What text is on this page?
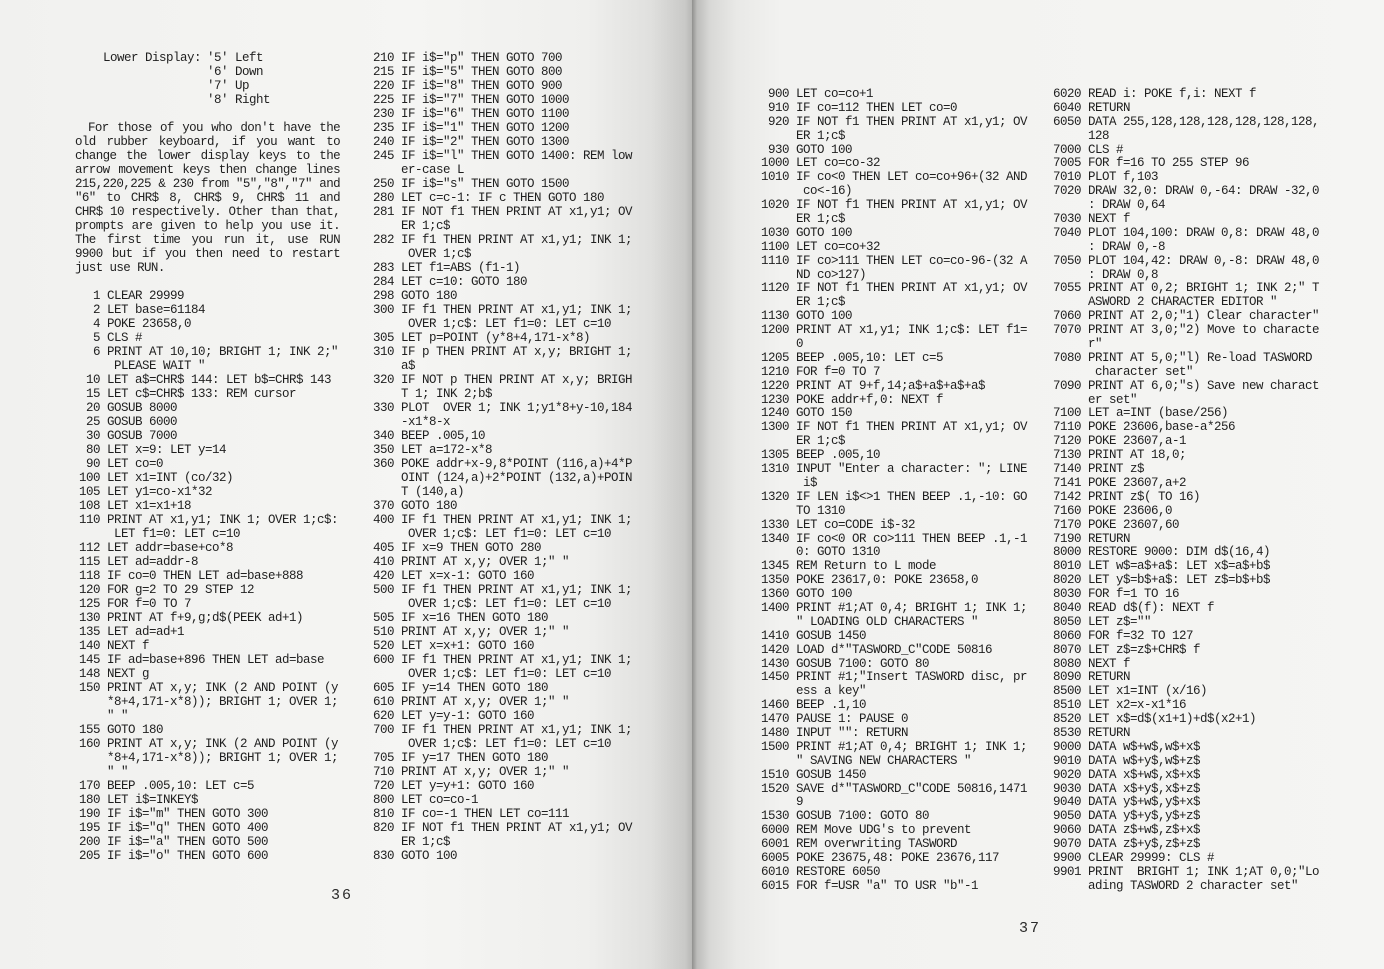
Lower Display: '5' Left
'6' Down
'7' Up
'8' Right
For those of you who don't have the
old rubber keyboard, if you want to
change the lower display keys to the
arrow movement keys then change lines
215,220,225 & 230 from "5","8","7" and
"6" to CHR$ 8, CHR$ 9, CHR$ 11 and
CHR$ 10 respectively. Other than that,
prompts are given to help you use it.
The first time you run it, use RUN
9900 but if you then need to restart
just use RUN.
1 CLEAR 29999
2 LET base=61184
4 POKE 23658,0
5 CLS #
6 PRINT AT 10,10; BRIGHT 1; INK 2;"
PLEASE WAIT "
10 LET a$=CHR$ 144: LET b$=CHR$ 143
15 LET c$=CHR$ 133: REM cursor
20 GOSUB 8000
25 GOSUB 6000
30 GOSUB 7000
80 LET x=9: LET y=14
90 LET co=0
100 LET x1=INT (co/32)
105 LET y1=co-x1*32
108 LET x1=x1+18
110 PRINT AT x1,y1; INK 1; OVER 1;c$:
LET f1=0: LET c=10
112 LET addr=base+co*8
115 LET ad=addr-8
118 IF co=0 THEN LET ad=base+888
120 FOR g=2 TO 29 STEP 12
125 FOR f=0 TO 7
130 PRINT AT f+9,g;d$(PEEK ad+1)
135 LET ad=ad+1
140 NEXT f
145 IF ad=base+896 THEN LET ad=base
148 NEXT g
150 PRINT AT x,y; INK (2 AND POINT (y
*8+4,171-x*8)); BRIGHT 1; OVER 1;
" "
155 GOTO 180
160 PRINT AT x,y; INK (2 AND POINT (y
*8+4,171-x*8)); BRIGHT 1; OVER 1;
" "
170 BEEP .005,10: LET c=5
180 LET i$=INKEY$
190 IF i$="m" THEN GOTO 300
195 IF i$="q" THEN GOTO 400
200 IF i$="a" THEN GOTO 500
205 IF i$="o" THEN GOTO 600
210 IF i$="p" THEN GOTO 700
215 IF i$="5" THEN GOTO 800
220 IF i$="8" THEN GOTO 900
225 IF i$="7" THEN GOTO 1000
230 IF i$="6" THEN GOTO 1100
235 IF i$="1" THEN GOTO 1200
240 IF i$="2" THEN GOTO 1300
245 IF i$="l" THEN GOTO 1400: REM low
er-case L
250 IF i$="s" THEN GOTO 1500
280 LET c=c-1: IF c THEN GOTO 180
281 IF NOT f1 THEN PRINT AT x1,y1; OV
ER 1;c$
282 IF f1 THEN PRINT AT x1,y1; INK 1;
OVER 1;c$
283 LET f1=ABS (f1-1)
284 LET c=10: GOTO 180
298 GOTO 180
300 IF f1 THEN PRINT AT x1,y1; INK 1;
OVER 1;c$: LET f1=0: LET c=10
305 LET p=POINT (y*8+4,171-x*8)
310 IF p THEN PRINT AT x,y; BRIGHT 1;
a$
320 IF NOT p THEN PRINT AT x,y; BRIGH
T 1; INK 2;b$
330 PLOT  OVER 1; INK 1;y1*8+y-10,184
-x1*8-x
340 BEEP .005,10
350 LET a=172-x*8
360 POKE addr+x-9,8*POINT (116,a)+4*P
OINT (124,a)+2*POINT (132,a)+POIN
T (140,a)
370 GOTO 180
400 IF f1 THEN PRINT AT x1,y1; INK 1;
OVER 1;c$: LET f1=0: LET c=10
405 IF x=9 THEN GOTO 280
410 PRINT AT x,y; OVER 1;" "
420 LET x=x-1: GOTO 160
500 IF f1 THEN PRINT AT x1,y1; INK 1;
OVER 1;c$: LET f1=0: LET c=10
505 IF x=16 THEN GOTO 180
510 PRINT AT x,y; OVER 1;" "
520 LET x=x+1: GOTO 160
600 IF f1 THEN PRINT AT x1,y1; INK 1;
OVER 1;c$: LET f1=0: LET c=10
605 IF y=14 THEN GOTO 180
610 PRINT AT x,y; OVER 1;" "
620 LET y=y-1: GOTO 160
700 IF f1 THEN PRINT AT x1,y1; INK 1;
OVER 1;c$: LET f1=0: LET c=10
705 IF y=17 THEN GOTO 180
710 PRINT AT x,y; OVER 1;" "
720 LET y=y+1: GOTO 160
800 LET co=co-1
810 IF co=-1 THEN LET co=111
820 IF NOT f1 THEN PRINT AT x1,y1; OV
ER 1;c$
830 GOTO 100
900 LET co=co+1
910 IF co=112 THEN LET co=0
920 IF NOT f1 THEN PRINT AT x1,y1; OV
ER 1;c$
930 GOTO 100
1000 LET co=co-32
1010 IF co<0 THEN LET co=co+96+(32 AND
co<-16)
1020 IF NOT f1 THEN PRINT AT x1,y1; OV
ER 1;c$
1030 GOTO 100
1100 LET co=co+32
1110 IF co>111 THEN LET co=co-96-(32 A
ND co>127)
1120 IF NOT f1 THEN PRINT AT x1,y1; OV
ER 1;c$
1130 GOTO 100
1200 PRINT AT x1,y1; INK 1;c$: LET f1=
0
1205 BEEP .005,10: LET c=5
1210 FOR f=0 TO 7
1220 PRINT AT 9+f,14;a$+a$+a$+a$
1230 POKE addr+f,0: NEXT f
1240 GOTO 150
1300 IF NOT f1 THEN PRINT AT x1,y1; OV
ER 1;c$
1305 BEEP .005,10
1310 INPUT "Enter a character: "; LINE
i$
1320 IF LEN i$<>1 THEN BEEP .1,-10: GO
TO 1310
1330 LET co=CODE i$-32
1340 IF co<0 OR co>111 THEN BEEP .1,-1
0: GOTO 1310
1345 REM Return to L mode
1350 POKE 23617,0: POKE 23658,0
1360 GOTO 100
1400 PRINT #1;AT 0,4; BRIGHT 1; INK 1;
" LOADING OLD CHARACTERS "
1410 GOSUB 1450
1420 LOAD d*"TASWORD_C"CODE 50816
1430 GOSUB 7100: GOTO 80
1450 PRINT #1;"Insert TASWORD disc, pr
ess a key"
1460 BEEP .1,10
1470 PAUSE 1: PAUSE 0
1480 INPUT "": RETURN
1500 PRINT #1;AT 0,4; BRIGHT 1; INK 1;
" SAVING NEW CHARACTERS "
1510 GOSUB 1450
1520 SAVE d*"TASWORD_C"CODE 50816,1471
9
1530 GOSUB 7100: GOTO 80
6000 REM Move UDG's to prevent
6001 REM overwriting TASWORD
6005 POKE 23675,48: POKE 23676,117
6010 RESTORE 6050
6015 FOR f=USR "a" TO USR "b"-1
6020 READ i: POKE f,i: NEXT f
6040 RETURN
6050 DATA 255,128,128,128,128,128,128,
128
7000 CLS #
7005 FOR f=16 TO 255 STEP 96
7010 PLOT f,103
7020 DRAW 32,0: DRAW 0,-64: DRAW -32,0
: DRAW 0,64
7030 NEXT f
7040 PLOT 104,100: DRAW 0,8: DRAW 48,0
: DRAW 0,-8
7050 PLOT 104,42: DRAW 0,-8: DRAW 48,0
: DRAW 0,8
7055 PRINT AT 0,2; BRIGHT 1; INK 2;" T
ASWORD 2 CHARACTER EDITOR "
7060 PRINT AT 2,0;"1) Clear character"
7070 PRINT AT 3,0;"2) Move to characte
r"
7080 PRINT AT 5,0;"l) Re-load TASWORD
character set"
7090 PRINT AT 6,0;"s) Save new charact
er set"
7100 LET a=INT (base/256)
7110 POKE 23606,base-a*256
7120 POKE 23607,a-1
7130 PRINT AT 18,0;
7140 PRINT z$
7141 POKE 23607,a+2
7142 PRINT z$( TO 16)
7160 POKE 23606,0
7170 POKE 23607,60
7190 RETURN
8000 RESTORE 9000: DIM d$(16,4)
8010 LET w$=a$+a$: LET x$=a$+b$
8020 LET y$=b$+a$: LET z$=b$+b$
8030 FOR f=1 TO 16
8040 READ d$(f): NEXT f
8050 LET z$=""
8060 FOR f=32 TO 127
8070 LET z$=z$+CHR$ f
8080 NEXT f
8090 RETURN
8500 LET x1=INT (x/16)
8510 LET x2=x-x1*16
8520 LET x$=d$(x1+1)+d$(x2+1)
8530 RETURN
9000 DATA w$+w$,w$+x$
9010 DATA w$+y$,w$+z$
9020 DATA x$+w$,x$+x$
9030 DATA x$+y$,x$+z$
9040 DATA y$+w$,y$+x$
9050 DATA y$+y$,y$+z$
9060 DATA z$+w$,z$+x$
9070 DATA z$+y$,z$+z$
9900 CLEAR 29999: CLS #
9901 PRINT  BRIGHT 1; INK 1;AT 0,0;"Lo
ading TASWORD 2 character set"
36
37
